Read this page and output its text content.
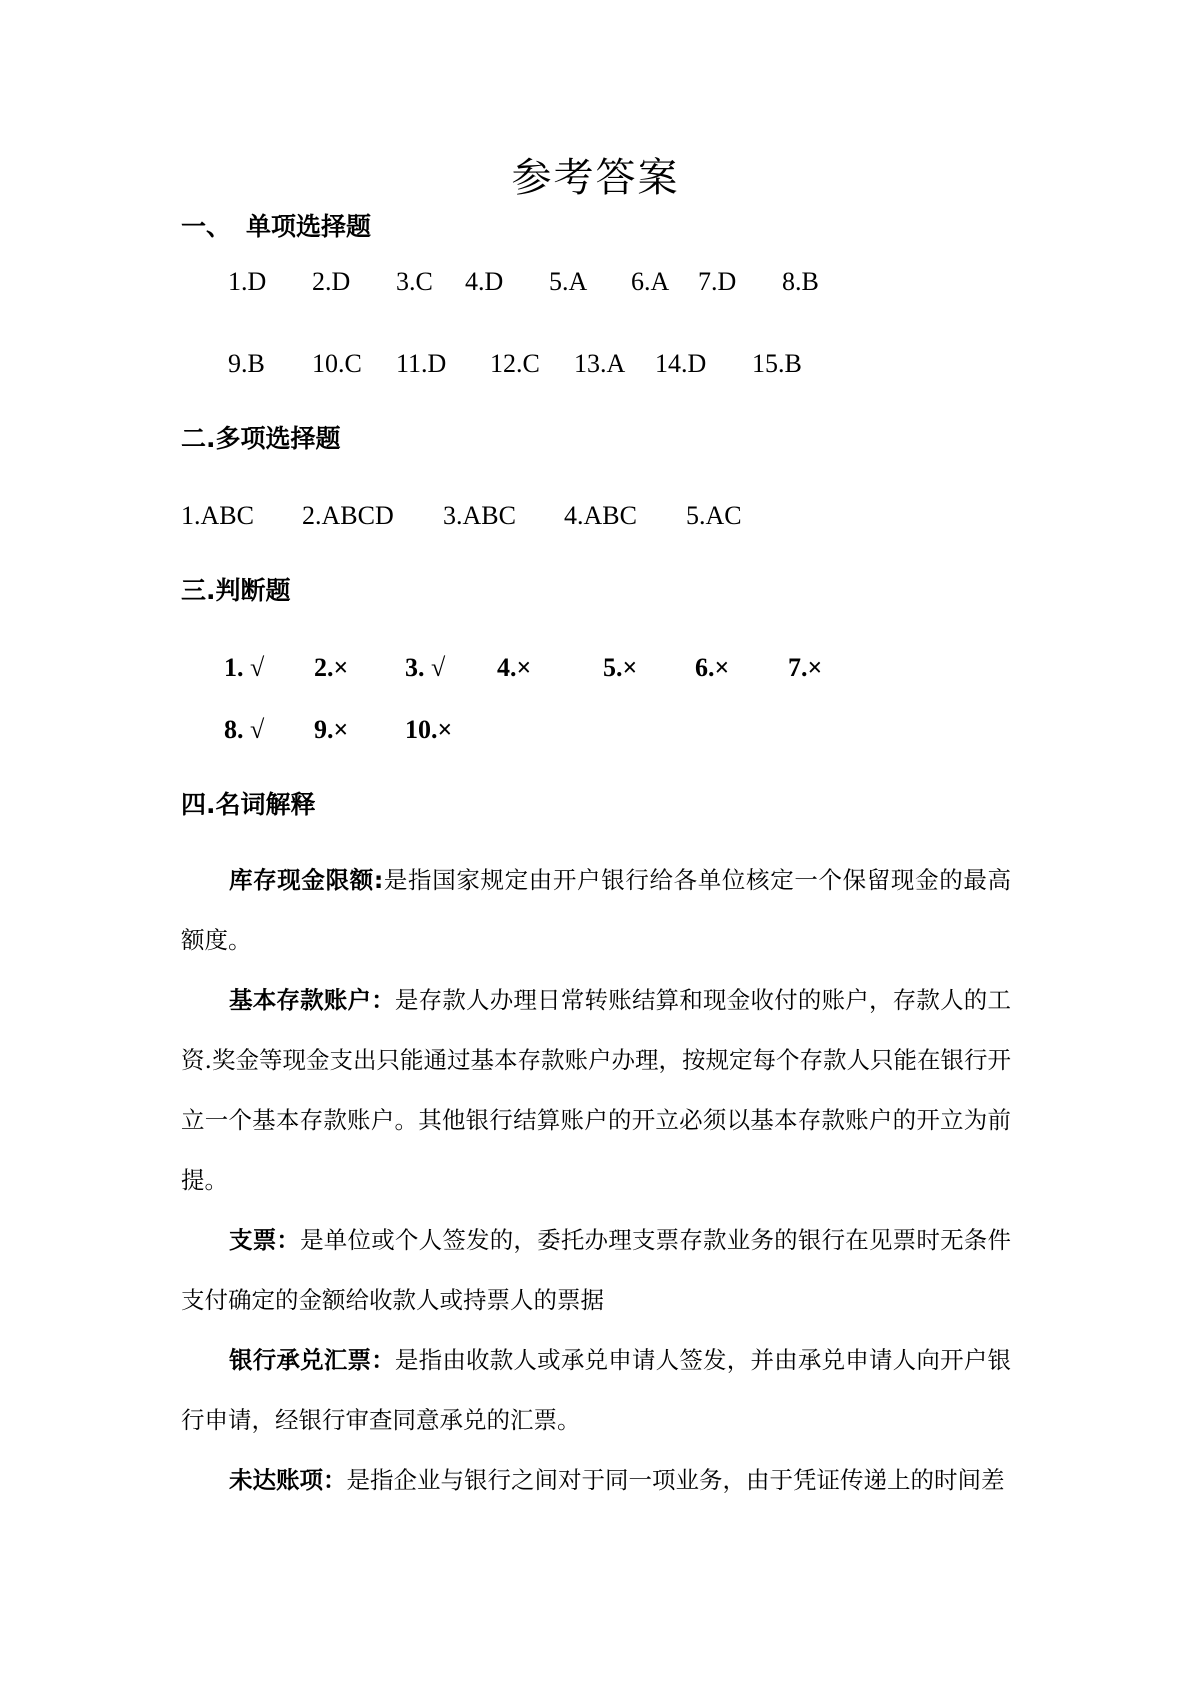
参考答案
一、 单项选择题
1.D 2.D 3.C 4.D 5.A 6.A 7.D 8.B
9.B 10.C 11.D 12.C 13.A 14.D 15.B
二.多项选择题
1.ABC 2.ABCD 3.ABC 4.ABC 5.AC
三.判断题
1. √ 2.× 3. √ 4.×	5.× 6.× 7.×
8. √ 9.× 10.×
四.名词解释

库存现金限额:是指国家规定由开户银行给各单位核定一个保留现金的最高额度。

基本存款账户：是存款人办理日常转账结算和现金收付的账户，存款人的工资.奖金等现金支出只能通过基本存款账户办理，按规定每个存款人只能在银行开立一个基本存款账户。其他银行结算账户的开立必须以基本存款账户的开立为前提。

支票：是单位或个人签发的，委托办理支票存款业务的银行在见票时无条件支付确定的金额给收款人或持票人的票据

银行承兑汇票：是指由收款人或承兑申请人签发，并由承兑申请人向开户银行申请，经银行审查同意承兑的汇票。

未达账项：是指企业与银行之间对于同一项业务，由于凭证传递上的时间差
